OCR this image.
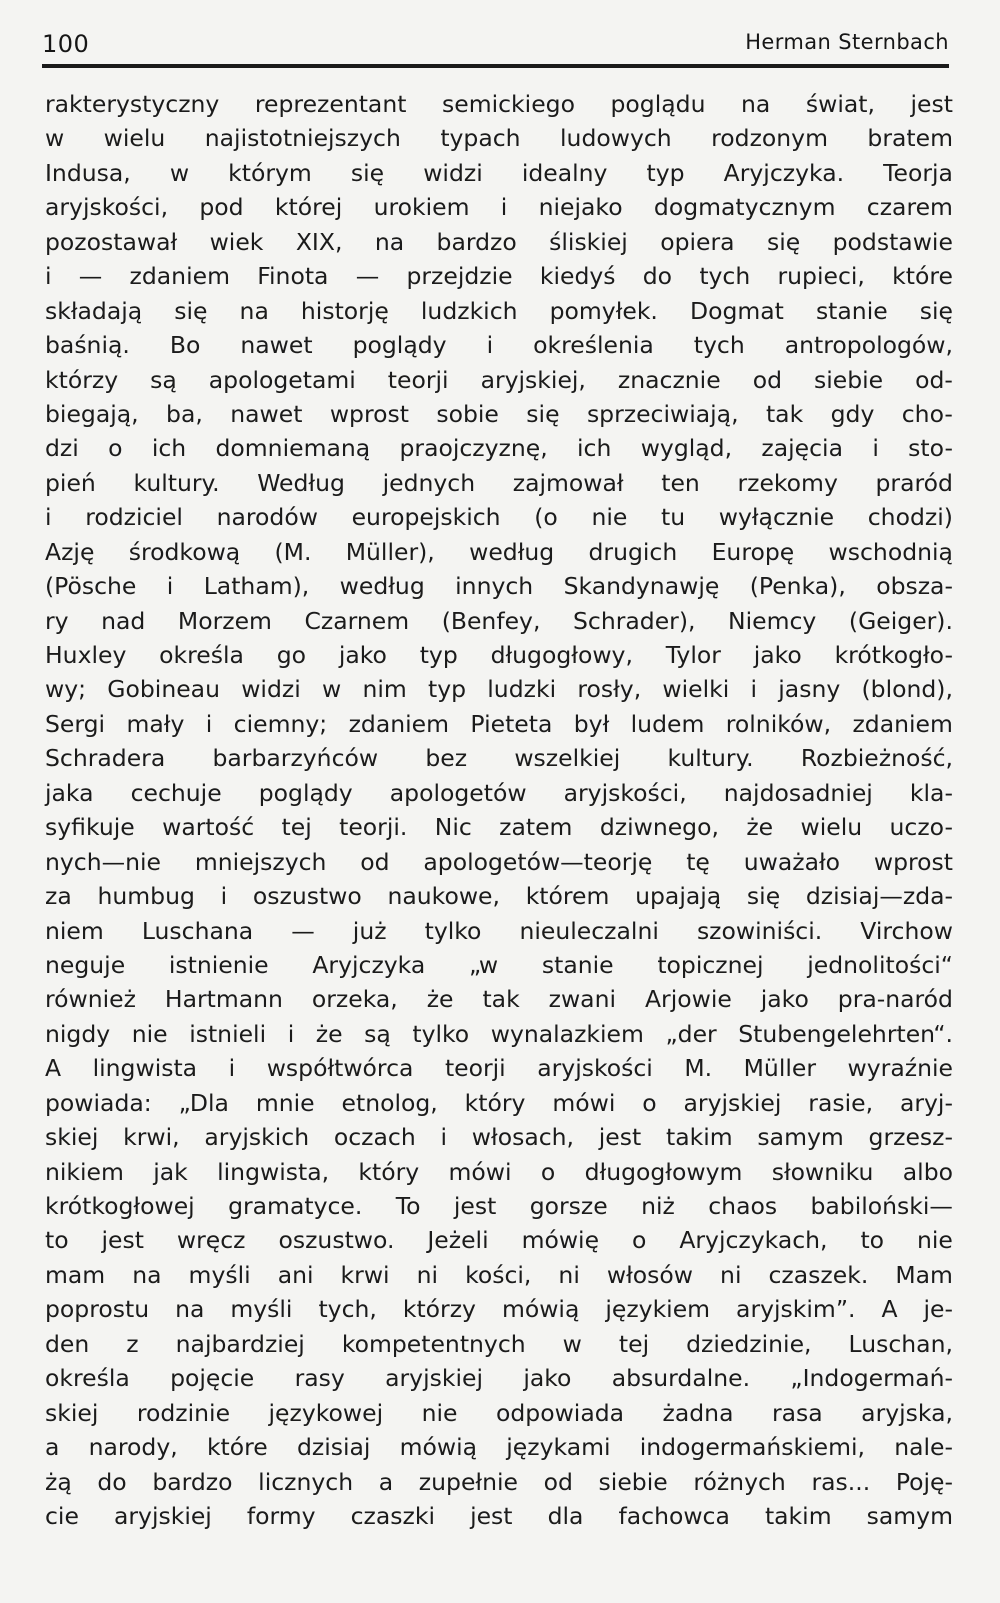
100	Herman Sternbach
rakterystyczny reprezentant semickiego poglądu na świat, jest
w wielu najistotniejszych typach ludowych rodzonym bratem
Indusa, w którym się widzi idealny typ Aryjczyka. Teorja
aryjskości, pod której urokiem i niejako dogmatycznym czarem
pozostawał wiek XIX, na bardzo śliskiej opiera się podstawie
i — zdaniem Finota — przejdzie kiedyś do tych rupieci, które
składają się na historję ludzkich pomyłek. Dogmat stanie się
baśnią. Bo nawet poglądy i określenia tych antropologów,
którzy są apologetami teorji aryjskiej, znacznie od siebie od-
biegają, ba, nawet wprost sobie się sprzeciwiają, tak gdy cho-
dzi o ich domniemaną praojczyznę, ich wygląd, zajęcia i sto-
pień kultury. Według jednych zajmował ten rzekomy praród
i rodziciel narodów europejskich (o nie tu wyłącznie chodzi)
Azję środkową (M. Müller), według drugich Europę wschodnią
(Pösche i Latham), według innych Skandynawję (Penka), obsza-
ry nad Morzem Czarnem (Benfey, Schrader), Niemcy (Geiger).
Huxley określa go jako typ długogłowy, Tylor jako krótkogło-
wy; Gobineau widzi w nim typ ludzki rosły, wielki i jasny (blond),
Sergi mały i ciemny; zdaniem Pieteta był ludem rolników, zdaniem
Schradera barbarzyńców bez wszelkiej kultury. Rozbieżność,
jaka cechuje poglądy apologetów aryjskości, najdosadniej kla-
syfikuje wartość tej teorji. Nic zatem dziwnego, że wielu uczo-
nych—nie mniejszych od apologetów—teorję tę uważało wprost
za humbug i oszustwo naukowe, którem upajają się dzisiaj—zda-
niem Luschana — już tylko nieuleczalni szowiniści. Virchow
neguje istnienie Aryjczyka „w stanie topicznej jednolitości“
również Hartmann orzeka, że tak zwani Arjowie jako pra-naród
nigdy nie istnieli i że są tylko wynalazkiem „der Stubengelehrten“.
A lingwista i współtwórca teorji aryjskości M. Müller wyraźnie
powiada: „Dla mnie etnolog, który mówi o aryjskiej rasie, aryj-
skiej krwi, aryjskich oczach i włosach, jest takim samym grzesz-
nikiem jak lingwista, który mówi o długogłowym słowniku albo
krótkogłowej gramatyce. To jest gorsze niż chaos babiloński—
to jest wręcz oszustwo. Jeżeli mówię o Aryjczykach, to nie
mam na myśli ani krwi ni kości, ni włosów ni czaszek. Mam
poprostu na myśli tych, którzy mówią językiem aryjskim”. A je-
den z najbardziej kompetentnych w tej dziedzinie, Luschan,
określa pojęcie rasy aryjskiej jako absurdalne. „Indogermań-
skiej rodzinie językowej nie odpowiada żadna rasa aryjska,
a narody, które dzisiaj mówią językami indogermańskiemi, nale-
żą do bardzo licznych a zupełnie od siebie różnych ras... Poję-
cie aryjskiej formy czaszki jest dla fachowca takim samym
